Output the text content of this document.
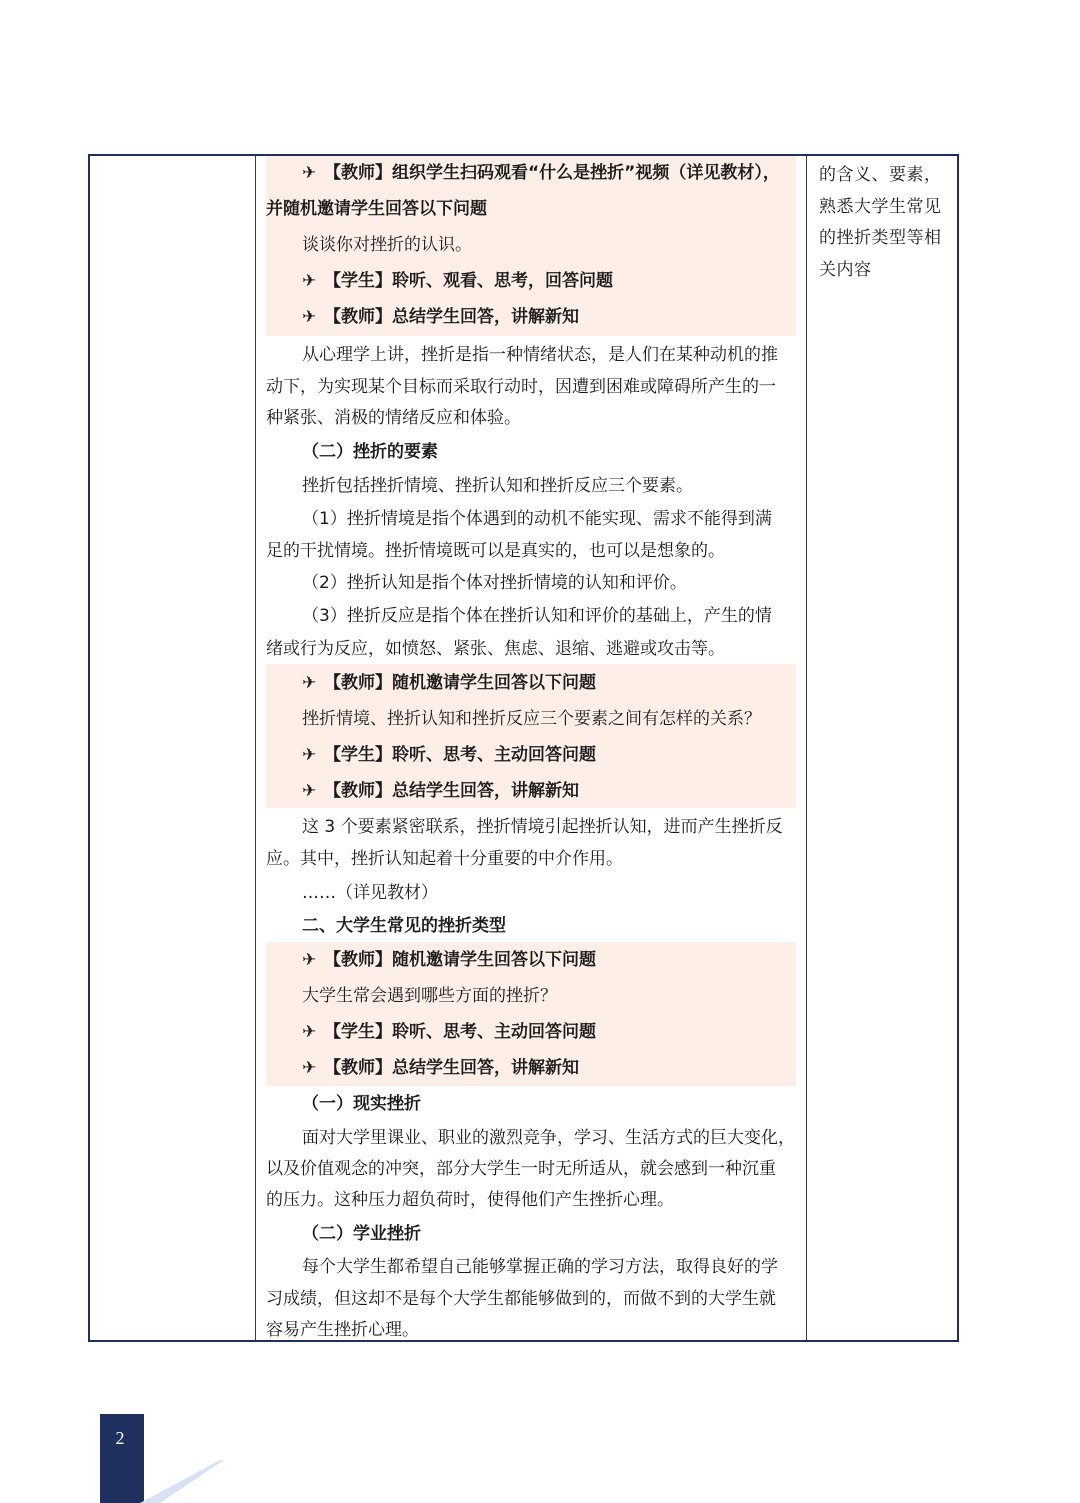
✈ 【教师】组织学生扫码观看“什么是挫折”视频（详见教材），
并随机邀请学生回答以下问题
谈谈你对挫折的认识。
✈ 【学生】聆听、观看、思考，回答问题
✈ 【教师】总结学生回答，讲解新知
从心理学上讲，挫折是指一种情绪状态，是人们在某种动机的推
动下，为实现某个目标而采取行动时，因遭到困难或障碍所产生的一
种紧张、消极的情绪反应和体验。
（二）挫折的要素
挫折包括挫折情境、挫折认知和挫折反应三个要素。
（1）挫折情境是指个体遇到的动机不能实现、需求不能得到满
足的干扰情境。挫折情境既可以是真实的，也可以是想象的。
（2）挫折认知是指个体对挫折情境的认知和评价。
（3）挫折反应是指个体在挫折认知和评价的基础上，产生的情
绪或行为反应，如愤怒、紧张、焦虑、退缩、逃避或攻击等。
✈ 【教师】随机邀请学生回答以下问题
挫折情境、挫折认知和挫折反应三个要素之间有怎样的关系？
✈ 【学生】聆听、思考、主动回答问题
✈ 【教师】总结学生回答，讲解新知
这 3 个要素紧密联系，挫折情境引起挫折认知，进而产生挫折反
应。其中，挫折认知起着十分重要的中介作用。
……（详见教材）
二、大学生常见的挫折类型
✈ 【教师】随机邀请学生回答以下问题
大学生常会遇到哪些方面的挫折？
✈ 【学生】聆听、思考、主动回答问题
✈ 【教师】总结学生回答，讲解新知
（一）现实挫折
面对大学里课业、职业的激烈竞争，学习、生活方式的巨大变化，
以及价值观念的冲突，部分大学生一时无所适从，就会感到一种沉重
的压力。这种压力超负荷时，使得他们产生挫折心理。
（二）学业挫折
每个大学生都希望自己能够掌握正确的学习方法，取得良好的学
习成绩，但这却不是每个大学生都能够做到的，而做不到的大学生就
容易产生挫折心理。
的含义、要素，熟悉大学生常见的挫折类型等相关内容
2
